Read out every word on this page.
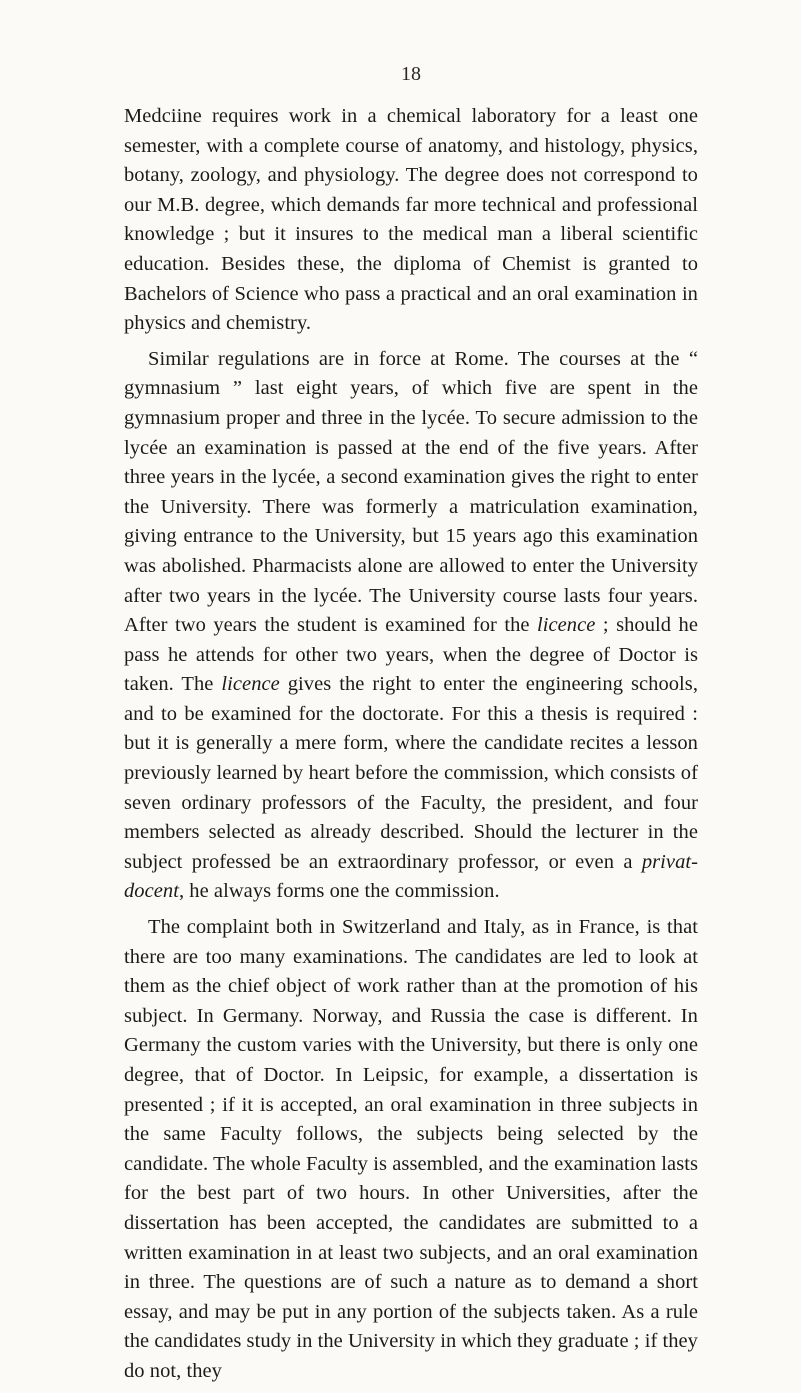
18

Medciine requires work in a chemical laboratory for a least one semester, with a complete course of anatomy, and histology, physics, botany, zoology, and physiology. The degree does not correspond to our M.B. degree, which demands far more technical and professional knowledge ; but it insures to the medical man a liberal scientific education. Besides these, the diploma of Chemist is granted to Bachelors of Science who pass a practical and an oral examination in physics and chemistry.

Similar regulations are in force at Rome. The courses at the “ gymnasium ” last eight years, of which five are spent in the gymnasium proper and three in the lycée. To secure admission to the lycée an examination is passed at the end of the five years. After three years in the lycée, a second examination gives the right to enter the University. There was formerly a matriculation examination, giving entrance to the University, but 15 years ago this examination was abolished. Pharmacists alone are allowed to enter the University after two years in the lycée. The University course lasts four years. After two years the student is examined for the licence ; should he pass he attends for other two years, when the degree of Doctor is taken. The licence gives the right to enter the engineering schools, and to be examined for the doctorate. For this a thesis is required : but it is generally a mere form, where the candidate recites a lesson previously learned by heart before the commission, which consists of seven ordinary professors of the Faculty, the president, and four members selected as already described. Should the lecturer in the subject professed be an extraordinary professor, or even a privat-docent, he always forms one the commission.

The complaint both in Switzerland and Italy, as in France, is that there are too many examinations. The candidates are led to look at them as the chief object of work rather than at the promotion of his subject. In Germany. Norway, and Russia the case is different. In Germany the custom varies with the University, but there is only one degree, that of Doctor. In Leipsic, for example, a dissertation is presented ; if it is accepted, an oral examination in three subjects in the same Faculty follows, the subjects being selected by the candidate. The whole Faculty is assembled, and the examination lasts for the best part of two hours. In other Universities, after the dissertation has been accepted, the candidates are submitted to a written examination in at least two subjects, and an oral examination in three. The questions are of such a nature as to demand a short essay, and may be put in any portion of the subjects taken. As a rule the candidates study in the University in which they graduate ; if they do not, they
